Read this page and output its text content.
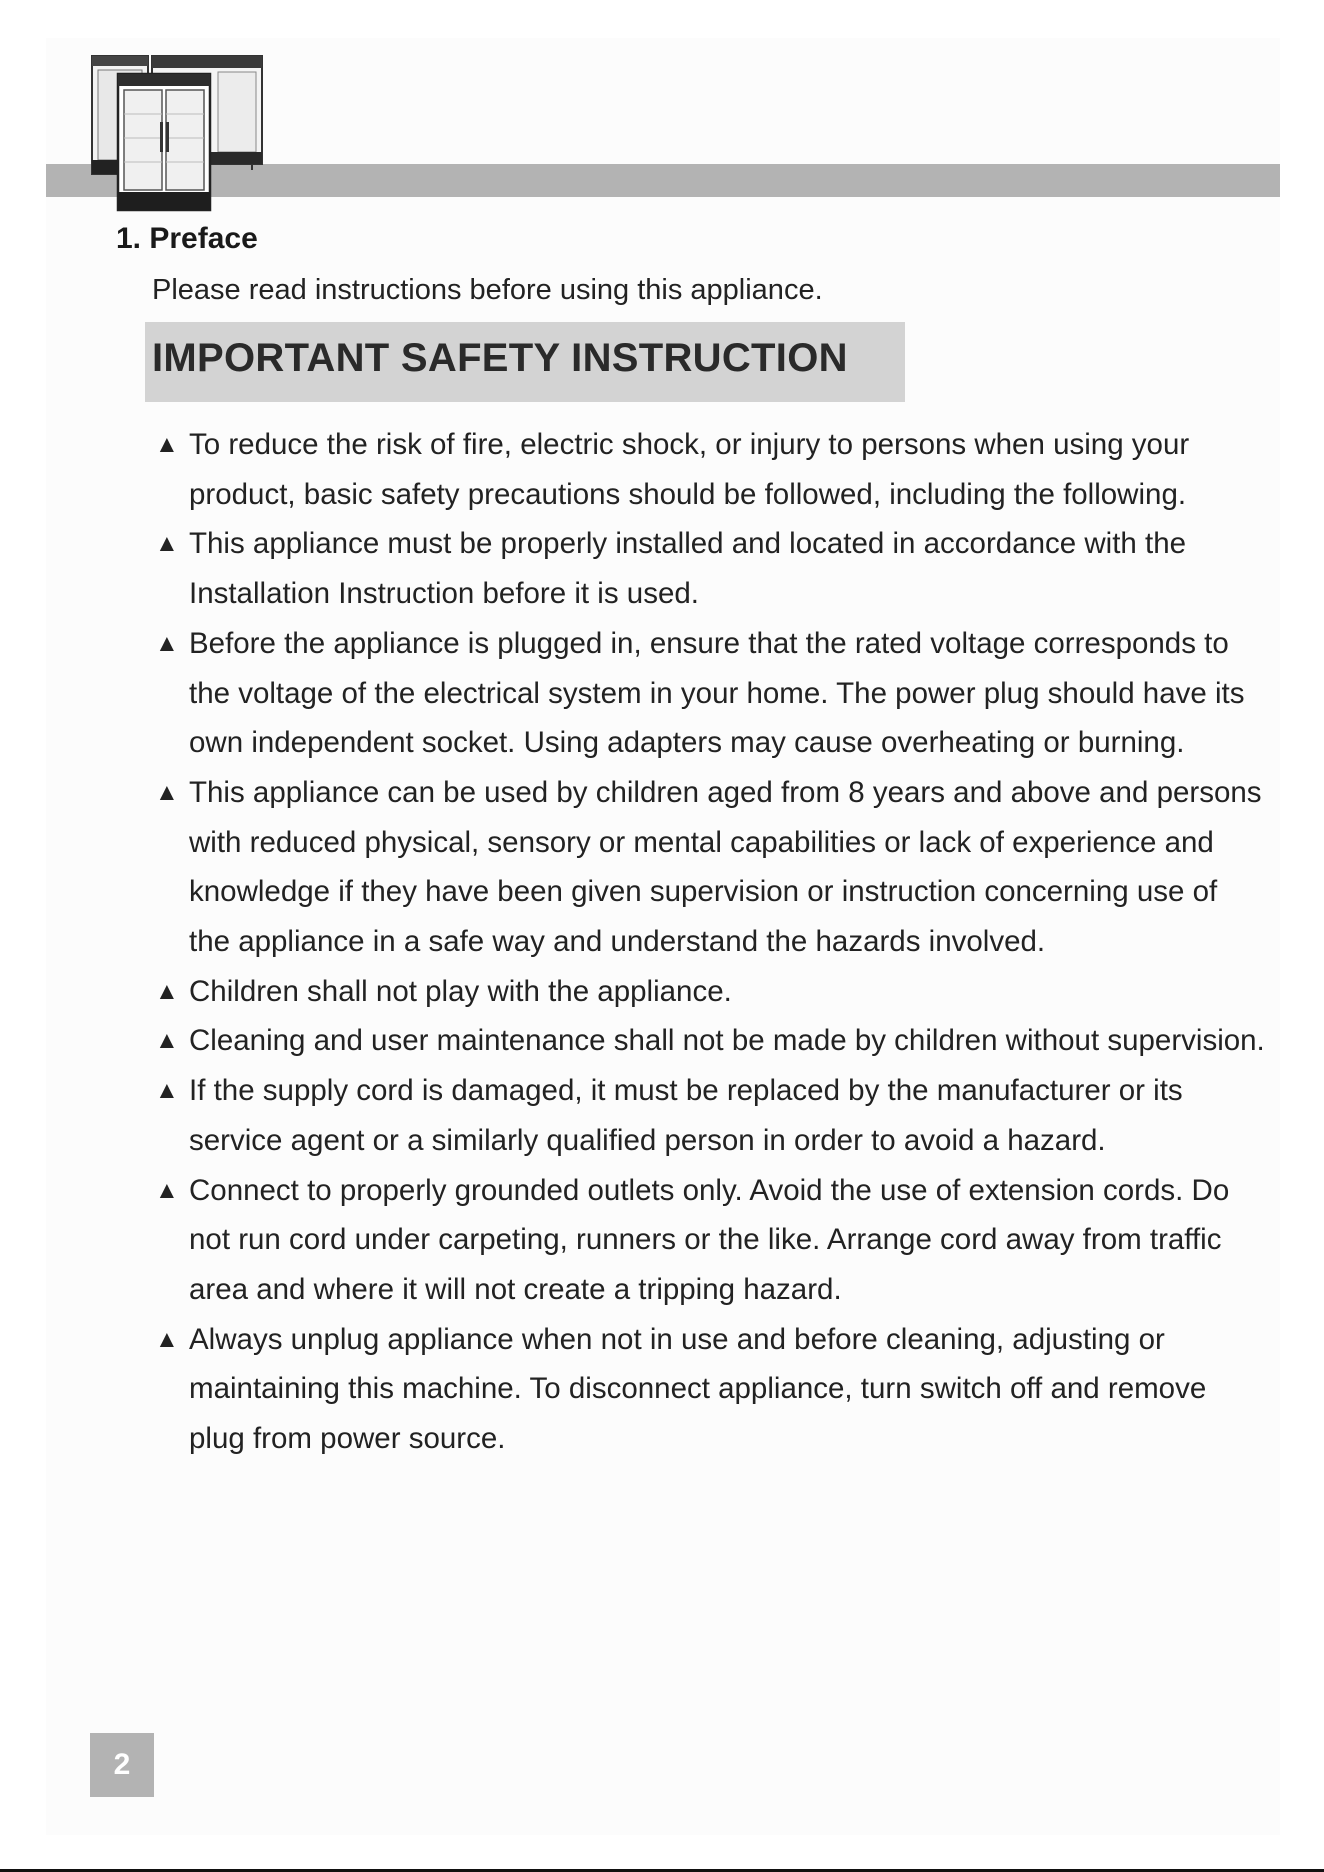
1. Preface

Please read instructions before using this appliance.

IMPORTANT SAFETY INSTRUCTION
▲ To reduce the risk of fire, electric shock, or injury to persons when using your product, basic safety precautions should be followed, including the following.
▲ This appliance must be properly installed and located in accordance with the Installation Instruction before it is used.
▲ Before the appliance is plugged in, ensure that the rated voltage corresponds to the voltage of the electrical system in your home. The power plug should have its own independent socket. Using adapters may cause overheating or burning.
▲ This appliance can be used by children aged from 8 years and above and persons with reduced physical, sensory or mental capabilities or lack of experience and knowledge if they have been given supervision or instruction concerning use of the appliance in a safe way and understand the hazards involved.
▲ Children shall not play with the appliance.
▲ Cleaning and user maintenance shall not be made by children without supervision.
▲ If the supply cord is damaged, it must be replaced by the manufacturer or its service agent or a similarly qualified person in order to avoid a hazard.
▲ Connect to properly grounded outlets only. Avoid the use of extension cords. Do not run cord under carpeting, runners or the like. Arrange cord away from traffic area and where it will not create a tripping hazard.
▲ Always unplug appliance when not in use and before cleaning, adjusting or maintaining this machine. To disconnect appliance, turn switch off and remove plug from power source.
2
